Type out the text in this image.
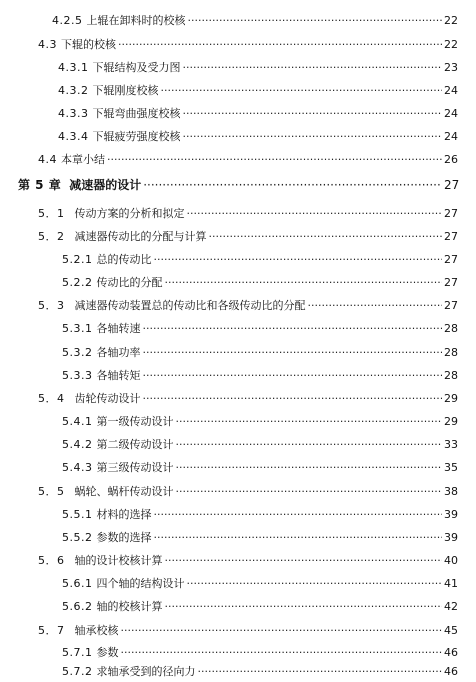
4.2.5 上辊在卸料时的校核 ·····	22
4.3 下辊的校核 ·····	22
4.3.1 下辊结构及受力图 ·····	23
4.3.2 下辊刚度校核 ·····	24
4.3.3 下辊弯曲强度校核 ·····	24
4.3.4 下辊疲劳强度校核 ·····	24
4.4 本章小结 ·····	26
第 5 章 减速器的设计 ·····	27
5．1 传动方案的分析和拟定 ·····	27
5．2 减速器传动比的分配与计算 ·····	27
5.2.1 总的传动比 ·····	27
5.2.2 传动比的分配 ·····	27
5．3 减速器传动装置总的传动比和各级传动比的分配 ·····	27
5.3.1 各轴转速 ·····	28
5.3.2 各轴功率 ·····	28
5.3.3 各轴转矩 ·····	28
5．4 齿轮传动设计 ·····	29
5.4.1 第一级传动设计 ·····	29
5.4.2 第二级传动设计 ·····	33
5.4.3 第三级传动设计 ·····	35
5．5 蜗轮、蜗杆传动设计 ·····	38
5.5.1 材料的选择 ·····	39
5.5.2 参数的选择 ·····	39
5．6 轴的设计校核计算 ·····	40
5.6.1 四个轴的结构设计 ·····	41
5.6.2 轴的校核计算 ·····	42
5．7 轴承校核 ·····	45
5.7.1 参数 ·····	46
5.7.2 求轴承受到的径向力 ·····	46
